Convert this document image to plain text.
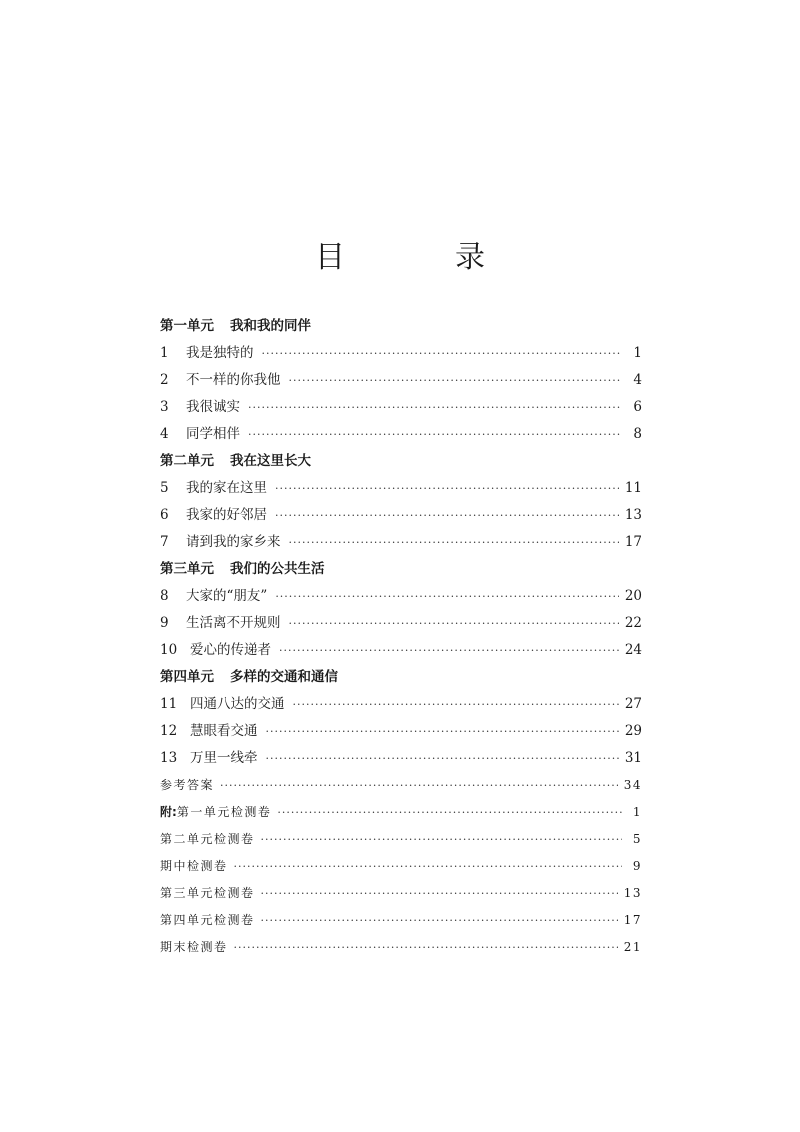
目　录
第一单元 我和我的同伴
1	我是独特的 ·····	1
2	不一样的你我他 ·····	4
3	我很诚实 ·····	6
4	同学相伴 ·····	8
第二单元 我在这里长大
5	我的家在这里 ·····	11
6	我家的好邻居 ·····	13
7	请到我的家乡来 ·····	17
第三单元 我们的公共生活
8	大家的“朋友” ·····	20
9	生活离不开规则 ·····	22
10 爱心的传递者 ·····	24
第四单元 多样的交通和通信
11 四通八达的交通 ·····	27
12 慧眼看交通 ·····	29
13 万里一线牵 ·····	31
参考答案 ·····	34
附:第一单元检测卷 ·····	1
第二单元检测卷 ·····	5
期中检测卷 ·····	9
第三单元检测卷 ·····	13
第四单元检测卷 ·····	17
期末检测卷 ·····	21
